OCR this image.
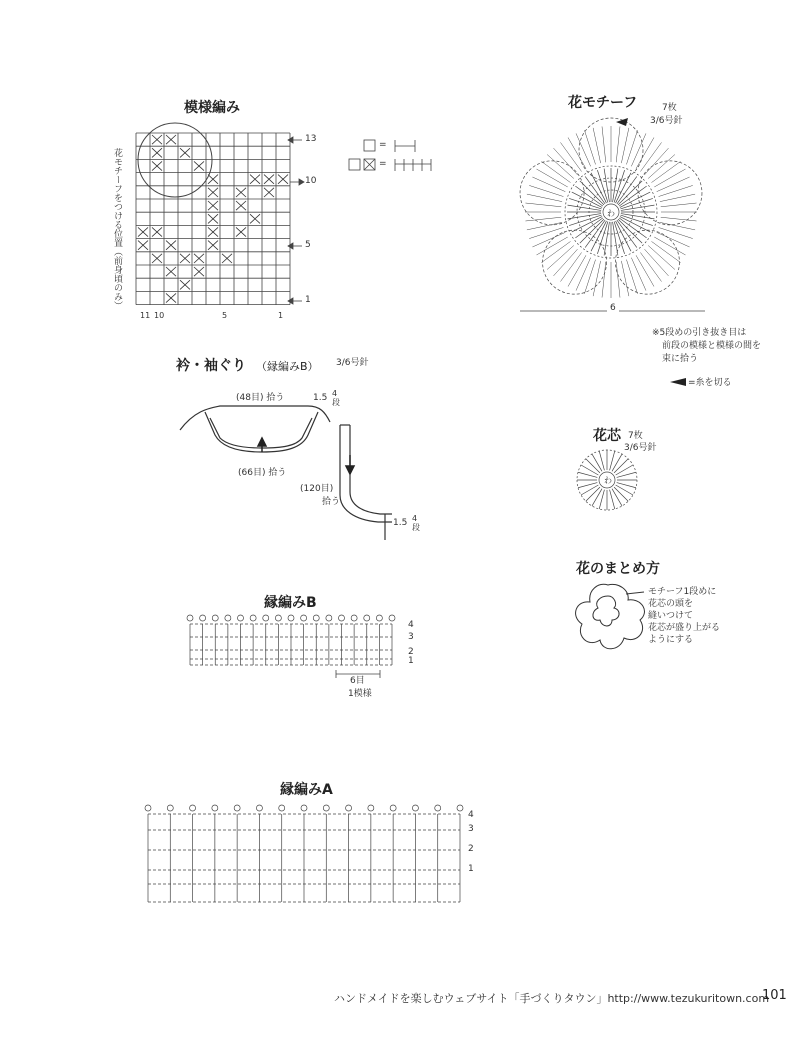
模様編み
花モチーフをつける位置（前身頃のみ）
13
10
5
1
11 10	5	1
=
=
花モチーフ	7枚
3/6号針
わ
6
※5段めの引き抜き目は
前段の模様と模様の間を
束に拾う
=糸を切る
衿・袖ぐり （縁編みB） 3/6号針
(48目) 拾う
(66目) 拾う
(120目)
拾う
1.5 4段
1.5 4段
花芯 7枚
3/6号針
わ
花のまとめ方
モチーフ1段めに
花芯の頭を
縫いつけて
花芯が盛り上がる
ようにする
縁編みB
4
3
2
1
6目
1模様
縁編みA
4
3
2
1
ハンドメイドを楽しむウェブサイト「手づくりタウン」http://www.tezukuritown.com
101
